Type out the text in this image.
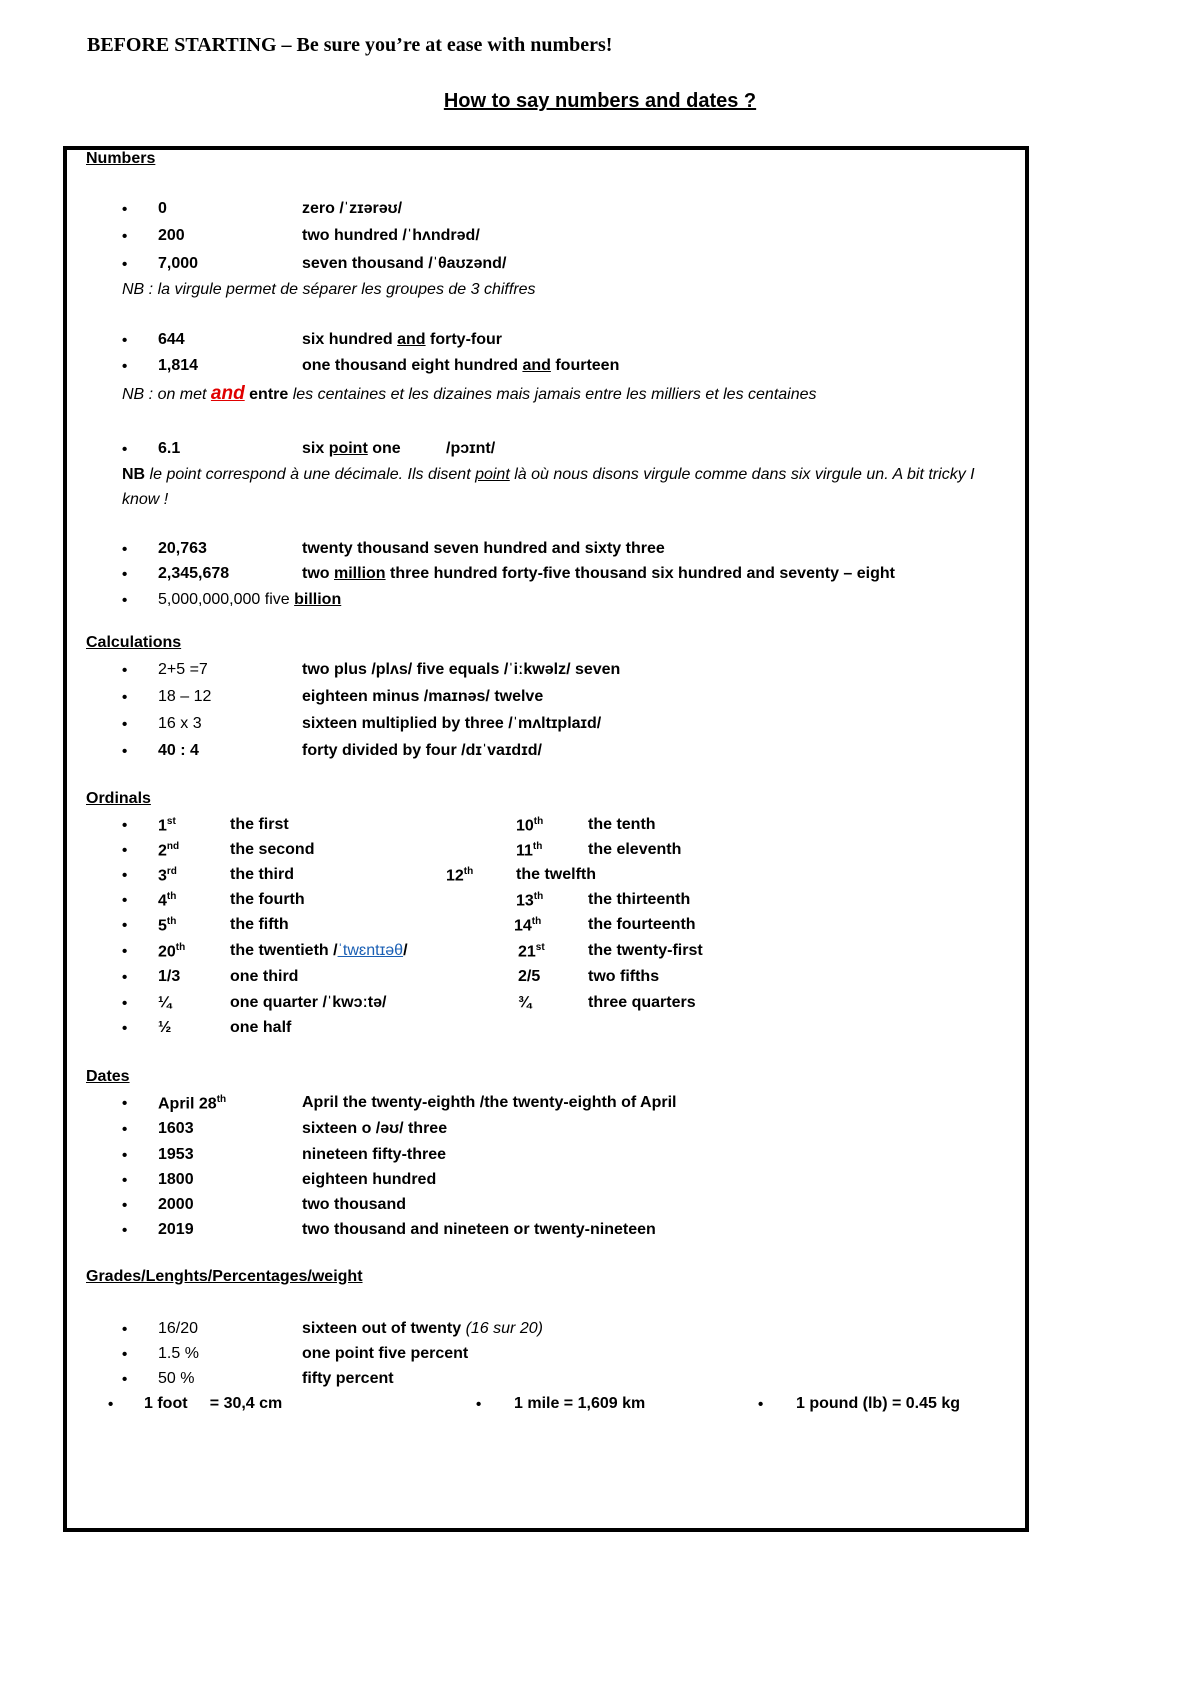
BEFORE STARTING – Be sure you’re at ease with numbers!
How to say numbers and dates ?
Numbers
• 0	zero /ˈzɪərəʊ/
• 200	two hundred /ˈhʌndrəd/
• 7,000	seven thousand /ˈθaʊzənd/
NB : la virgule permet de séparer les groupes de 3 chiffres
• 644	six hundred and forty-four
• 1,814	one thousand eight hundred and fourteen
NB : on met and entre les centaines et les dizaines mais jamais entre les milliers et les centaines
• 6.1	six point one	/pɔɪnt/
NB le point correspond à une décimale. Ils disent point là où nous disons virgule comme dans six virgule un. A bit tricky I
know !
• 20,763	twenty thousand seven hundred and sixty three
• 2,345,678	two million three hundred forty-five thousand six hundred and seventy – eight
• 5,000,000,000 five billion
Calculations
• 2+5 =7	two plus /plʌs/ five equals /ˈiːkwəlz/ seven
• 18 – 12	eighteen minus /maɪnəs/ twelve
• 16 x 3	sixteen multiplied by three /ˈmʌltɪplaɪd/
• 40 : 4	forty divided by four /dɪˈvaɪdɪd/
Ordinals
• 1st	the first	10th	the tenth
• 2nd	the second	11th	the eleventh
• 3rd	the third	12th	the twelfth
• 4th	the fourth	13th	the thirteenth
• 5th	the fifth	14th	the fourteenth
• 20th	the twentieth /ˈtwɛntɪəθ/	21st	the twenty-first
• 1/3	one third	2/5	two fifths
• ¼	one quarter /ˈkwɔːtə/	¾	three quarters
• ½	one half
Dates
• April 28th	April the twenty-eighth /the twenty-eighth of April
• 1603	sixteen o /əʊ/ three
• 1953	nineteen fifty-three
• 1800	eighteen hundred
• 2000	two thousand
• 2019	two thousand and nineteen or twenty-nineteen
Grades/Lenghts/Percentages/weight
• 16/20	sixteen out of twenty (16 sur 20)
• 1.5 %	one point five percent
• 50 %	fifty percent
• 1 foot     = 30,4 cm	• 1 mile = 1,609 km	• 1 pound (lb) = 0.45 kg
